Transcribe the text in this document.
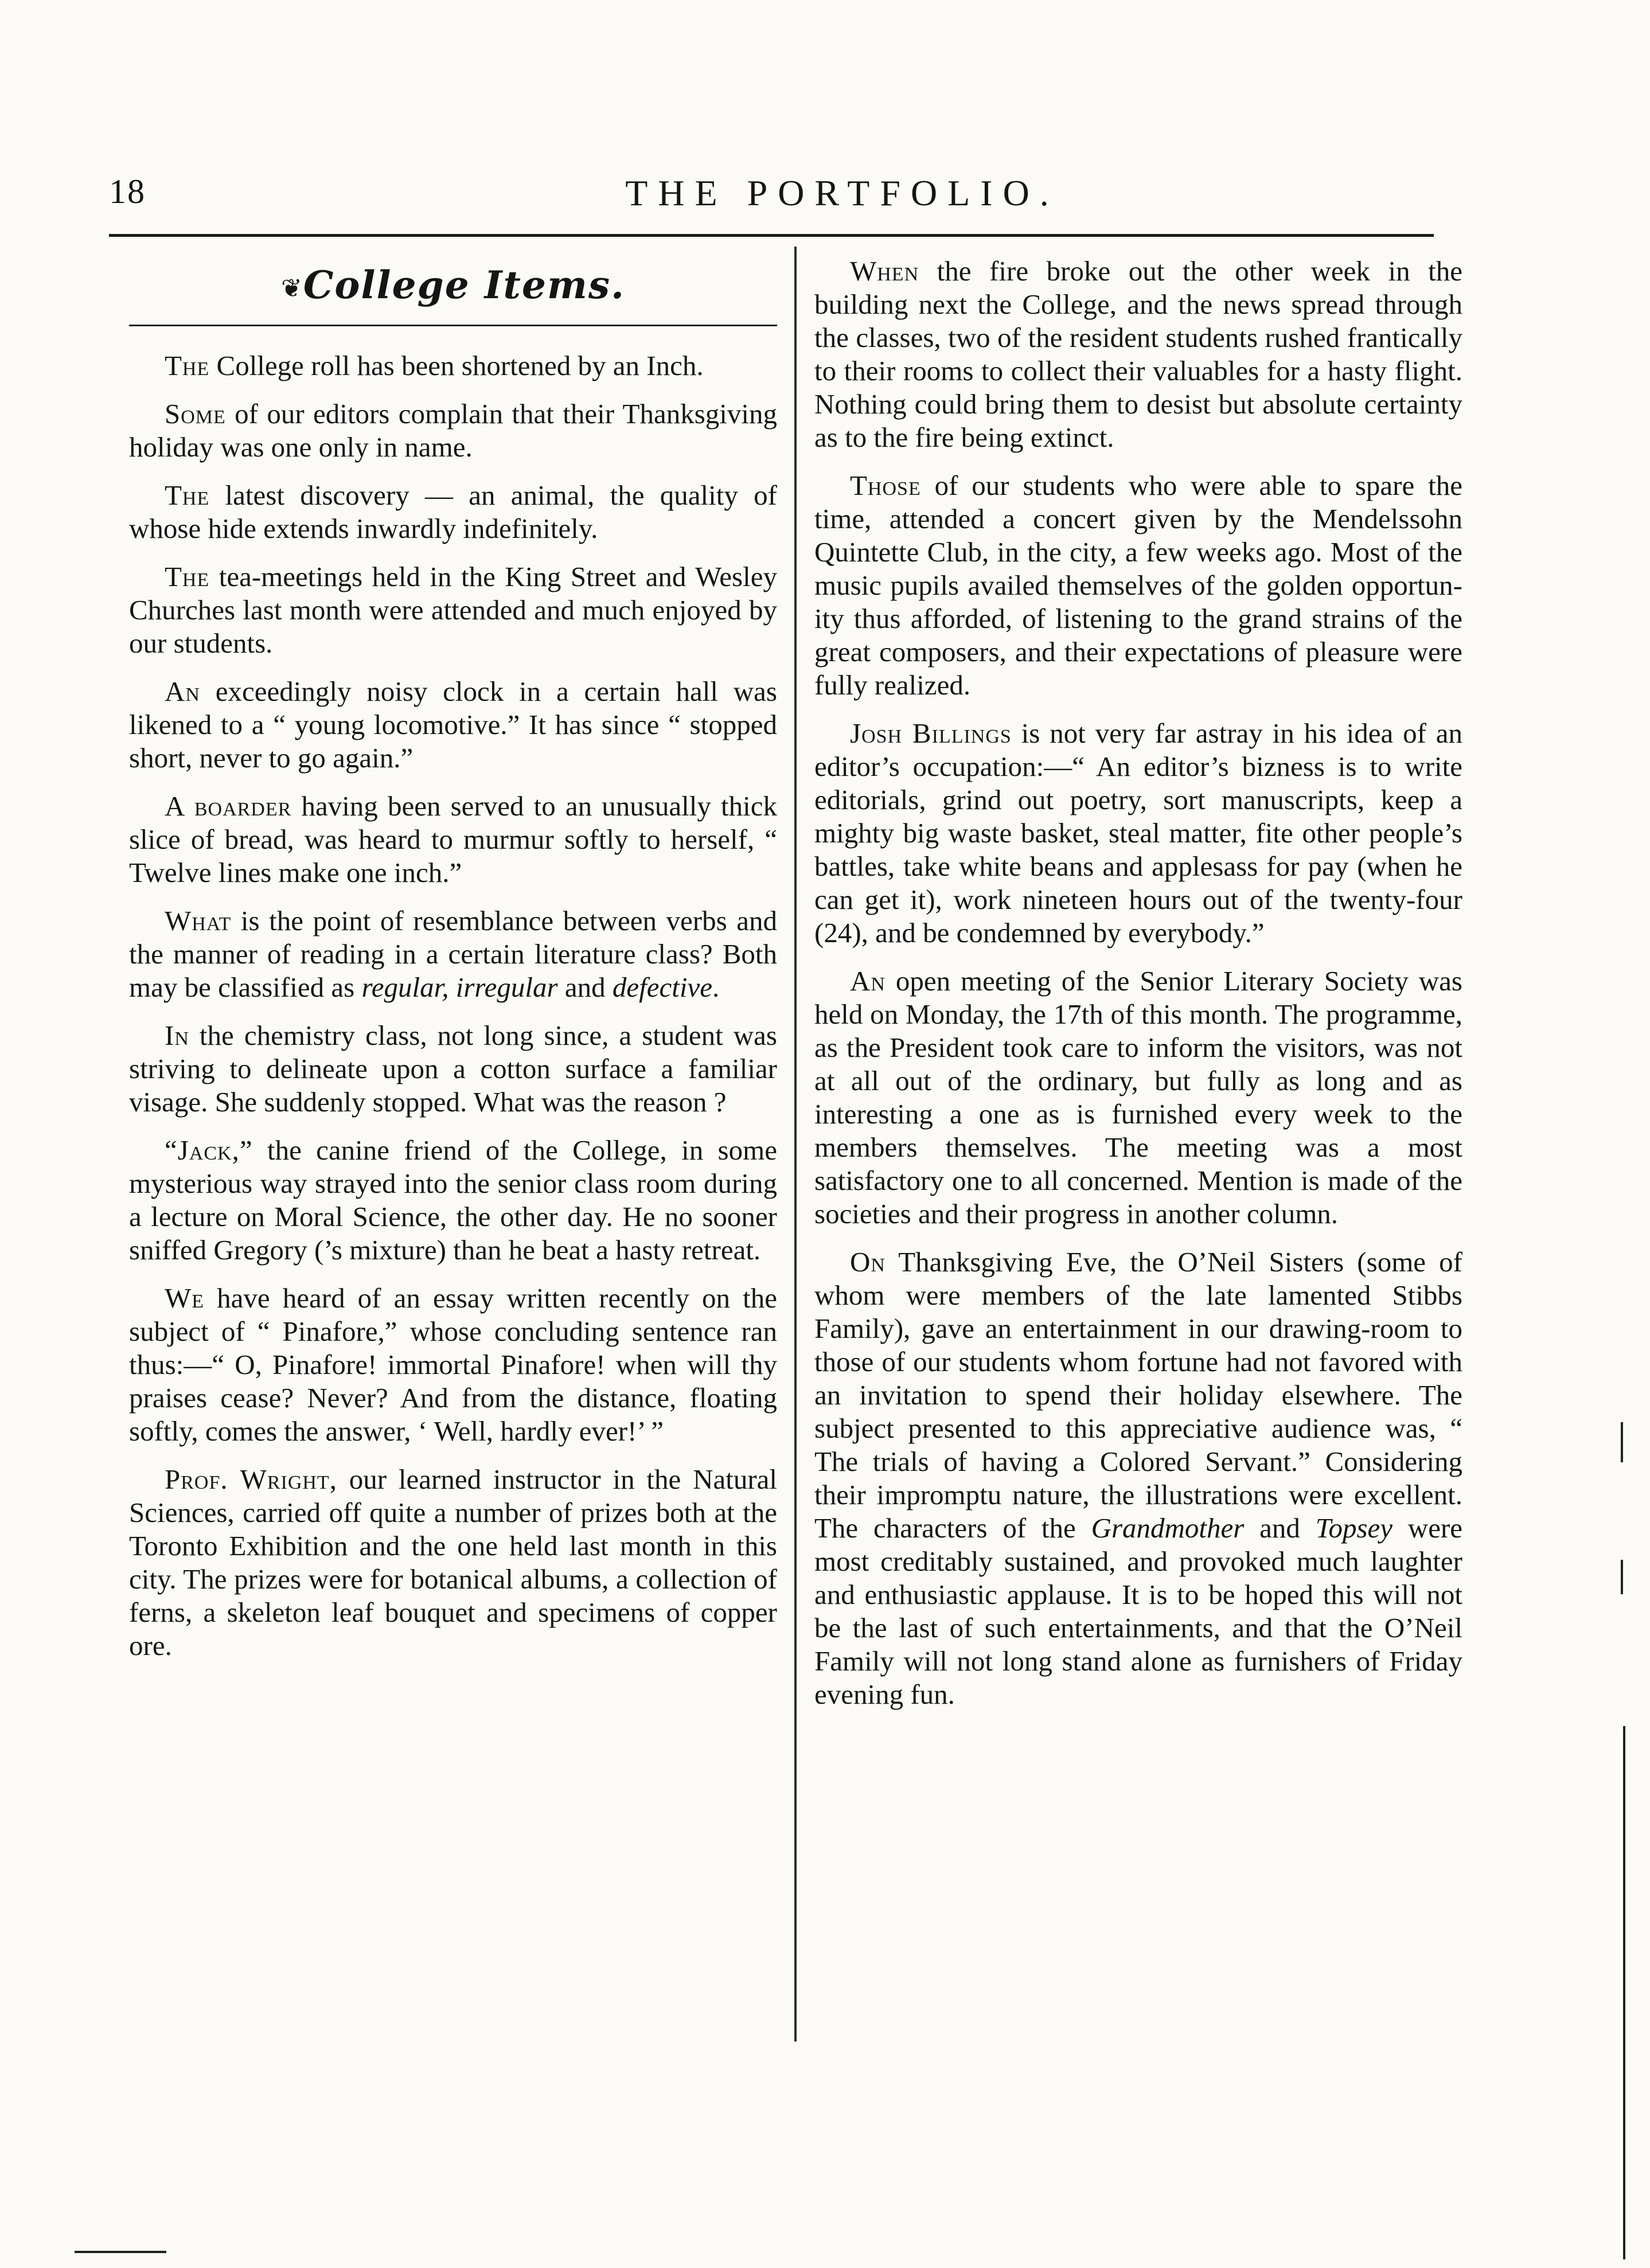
18	THE PORTFOLIO.
❦College Items.

The College roll has been shortened by an Inch.

Some of our editors complain that their Thanksgiving holiday was one only in name.

The latest discovery — an animal, the quality of whose hide extends inwardly indefinitely.

The tea-meetings held in the King Street and Wesley Churches last month were attended and much enjoyed by our students.

An exceedingly noisy clock in a certain hall was likened to a “ young locomotive.” It has since “ stopped short, never to go again.”

A boarder having been served to an unusually thick slice of bread, was heard to murmur softly to herself, “ Twelve lines make one inch.”

What is the point of resemblance between verbs and the manner of reading in a certain literature class? Both may be classified as regular, irregular and defective.

In the chemistry class, not long since, a student was striving to delineate upon a cotton surface a familiar visage. She suddenly stopped. What was the reason ?

“Jack,” the canine friend of the College, in some mysterious way strayed into the senior class room during a lecture on Moral Science, the other day. He no sooner sniffed Gregory (’s mixture) than he beat a hasty retreat.

We have heard of an essay written recently on the subject of “ Pinafore,” whose concluding sentence ran thus:—“ O, Pinafore! immortal Pinafore! when will thy praises cease? Never? And from the distance, floating softly, comes the answer, ‘ Well, hardly ever!’ ”

Prof. Wright, our learned instructor in the Natural Sciences, carried off quite a number of prizes both at the Toronto Exhibition and the one held last month in this city. The prizes were for botanical albums, a collection of ferns, a skeleton leaf bouquet and specimens of copper ore.

When the fire broke out the other week in the building next the College, and the news spread through the classes, two of the resident students rushed frantically to their rooms to collect their valuables for a hasty flight. Nothing could bring them to desist but absolute certainty as to the fire being extinct.

Those of our students who were able to spare the time, attended a concert given by the Mendelssohn Quintette Club, in the city, a few weeks ago. Most of the music pupils availed themselves of the golden opportunity thus afforded, of listening to the grand strains of the great composers, and their expectations of pleasure were fully realized.

Josh Billings is not very far astray in his idea of an editor’s occupation:—“ An editor’s bizness is to write editorials, grind out poetry, sort manuscripts, keep a mighty big waste basket, steal matter, fite other people’s battles, take white beans and applesass for pay (when he can get it), work nineteen hours out of the twenty-four (24), and be condemned by everybody.”

An open meeting of the Senior Literary Society was held on Monday, the 17th of this month. The programme, as the President took care to inform the visitors, was not at all out of the ordinary, but fully as long and as interesting a one as is furnished every week to the members themselves. The meeting was a most satisfactory one to all concerned. Mention is made of the societies and their progress in another column.

On Thanksgiving Eve, the O’Neil Sisters (some of whom were members of the late lamented Stibbs Family), gave an entertainment in our drawing-room to those of our students whom fortune had not favored with an invitation to spend their holiday elsewhere. The subject presented to this appreciative audience was, “ The trials of having a Colored Servant.” Considering their impromptu nature, the illustrations were excellent. The characters of the Grandmother and Topsey were most creditably sustained, and provoked much laughter and enthusiastic applause. It is to be hoped this will not be the last of such entertainments, and that the O’Neil Family will not long stand alone as furnishers of Friday evening fun.
